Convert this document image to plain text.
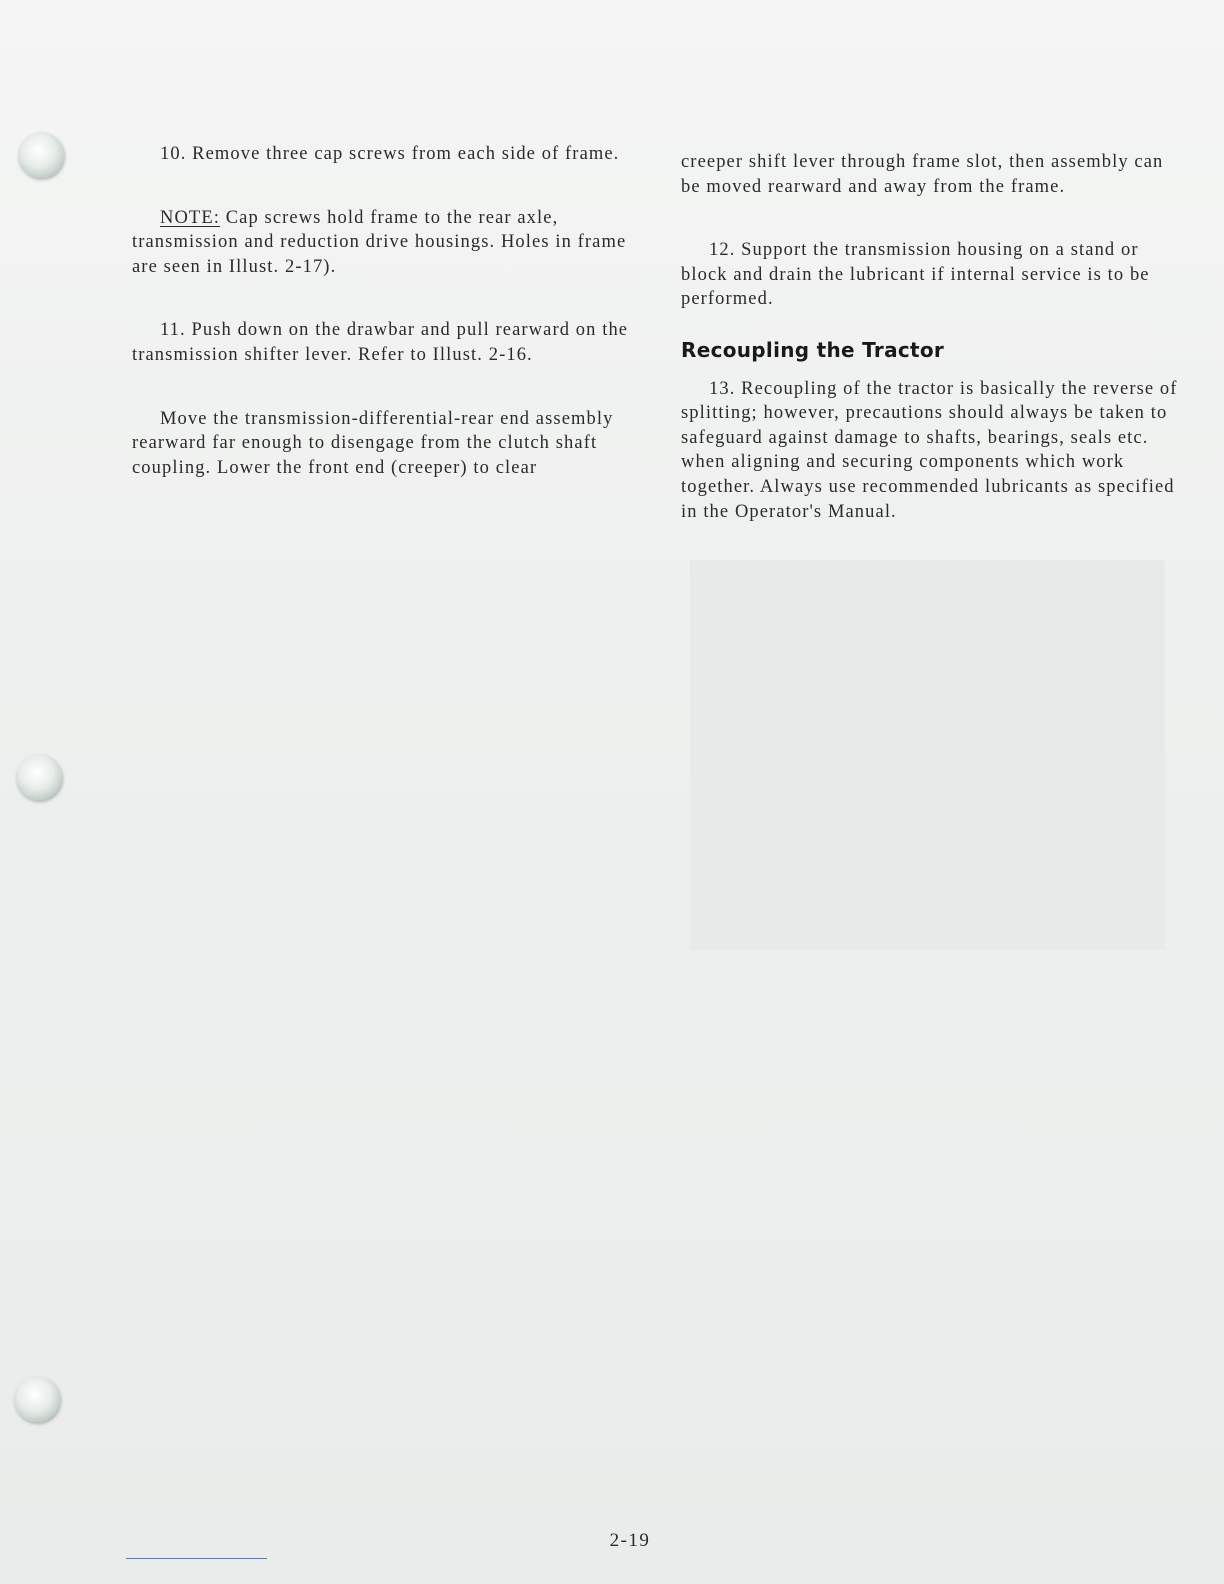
10. Remove three cap screws from each side of frame.

NOTE: Cap screws hold frame to the rear axle, transmission and reduction drive housings. Holes in frame are seen in Illust. 2-17).

11. Push down on the drawbar and pull rearward on the transmission shifter lever. Refer to Illust. 2-16.

Move the transmission-differential-rear end assembly rearward far enough to disengage from the clutch shaft coupling. Lower the front end (creeper) to clear

creeper shift lever through frame slot, then assembly can be moved rearward and away from the frame.

12. Support the transmission housing on a stand or block and drain the lubricant if internal service is to be performed.

Recoupling the Tractor

13. Recoupling of the tractor is basically the reverse of splitting; however, precautions should always be taken to safeguard against damage to shafts, bearings, seals etc. when aligning and securing components which work together. Always use recommended lubricants as specified in the Operator's Manual.

2-19
